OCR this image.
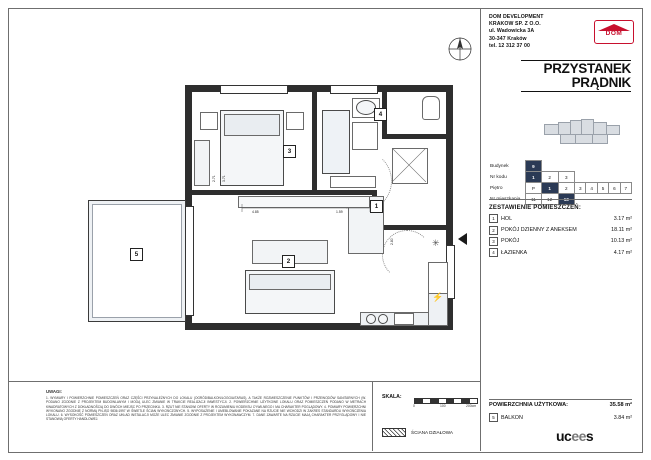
DOM DEVELOPMENT
KRAKOW SP. Z O.O.
ul. Wadowicka 3A
30-347 Kraków
tel. 12 312 37 00
DOM
PRZYSTANEK
PRĄDNIK
Budynek	9							
Nr kodu	1	2	3					
Piętro	P	1	2	3	4	5	6	7
Nr mieszkania	11	12	13					
ZESTAWIENIE POMIESZCZEŃ:
1	HOL	3.17 m²
2	POKÓJ DZIENNY Z ANEKSEM	18.11 m²
3	POKÓJ	10.13 m²
4	ŁAZIENKA	4.17 m²
POWIERZCHNIA UŻYTKOWA:	35.58 m²
5	BALKON	3.84 m²
ucees
UWAGI:
1. WYMIARY I POWIERZCHNIE POMIESZCZEŃ ORAZ CZĘŚCI PRZYNALEŻNYCH DO LOKALU (OGRÓD/BALKON/LOGGIA/TARAS), A TAKŻE ROZMIESZCZENIE PUNKTÓW I PRZEWODÓW SANITARNYCH (W. PODANO ZGODNIE Z PROJEKTEM BUDOWLANYM I MOGĄ ULEC ZMIANIE W TRAKCIE REALIZACJI INWESTYCJI. 2. POWIERZCHNIE UŻYTKOWE LOKALU ORAZ POMIESZCZEŃ PODANO W METRACH KWADRATOWYCH Z DOKŁADNOŚCIĄ DO DWÓCH MIEJSC PO PRZECINKU. 3. RZUT NIE STANOWI OFERTY W ROZUMIENIU KODEKSU CYWILNEGO I MA CHARAKTER POGLĄDOWY. 4. POMIARY POWIERZCHNI WYKONANO ZGODNIE Z NORMĄ PN-ISO 9836:1997 W ŚWIETLE ŚCIAN WYKOŃCZONYCH. 5. WYPOSAŻENIE I UMEBLOWANIE POKAZANE NA RZUCIE NIE WCHODZI W ZAKRES STANDARDU WYKOŃCZENIA LOKALU. 6. WYSOKOŚĆ POMIESZCZEŃ ORAZ UKŁAD INSTALACJI MOŻE ULEC ZMIANIE ZGODNIE Z PROJEKTEM WYKONAWCZYM. 7. DANE ZAWARTE NA RZUCIE MAJĄ CHARAKTER PRZYGLĄDOWY I NIE STANOWIĄ OFERTY HANDLOWEJ.
SKALA:
0	100	200cm
ŚCIANA DZIAŁOWA
✳
⚡
1
2
3
4
5
2.71 3.71
4.85	1.59
2.80
